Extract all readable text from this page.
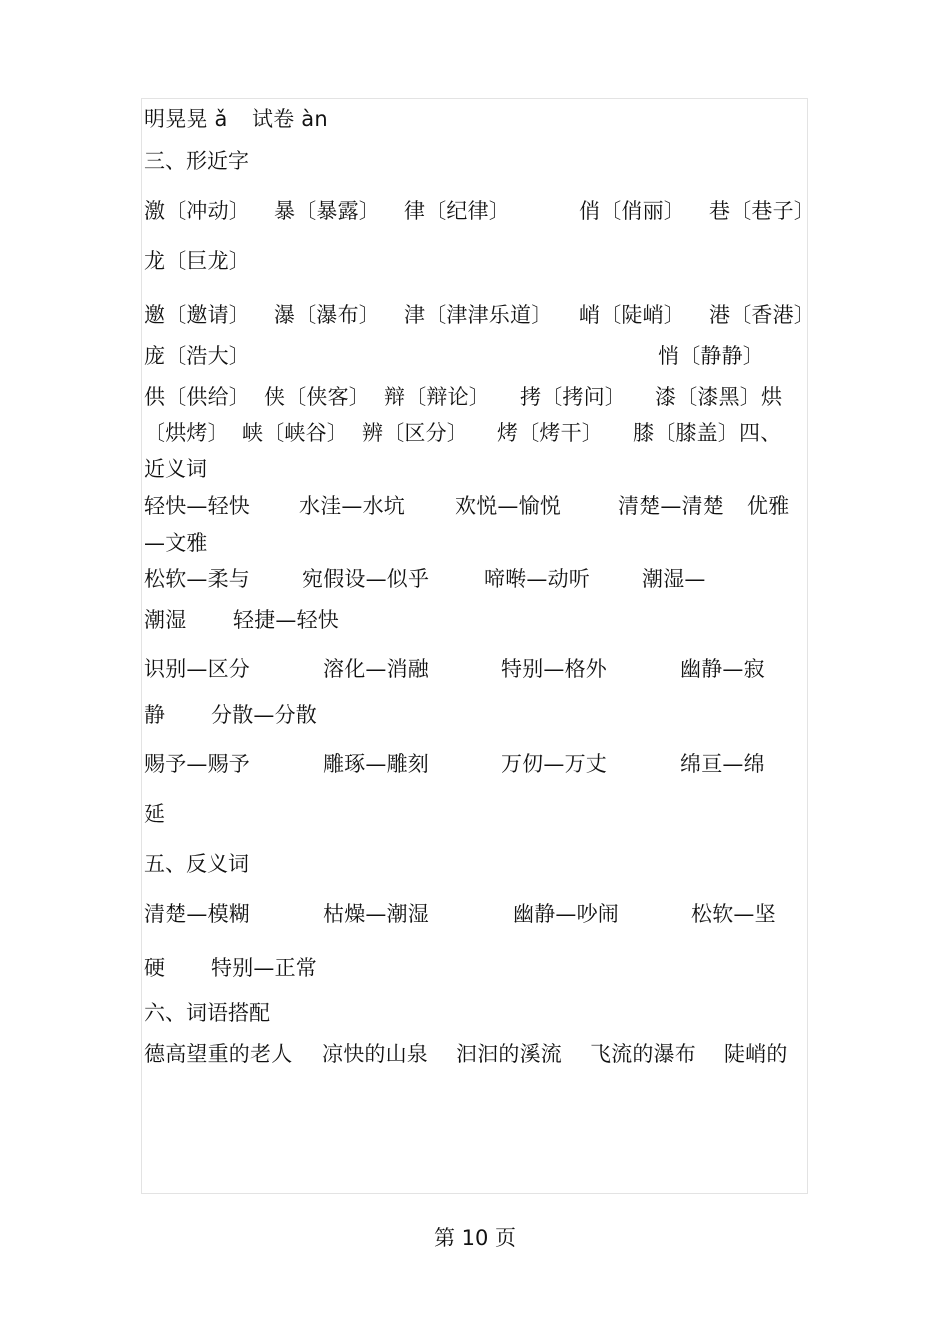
明晃晃 ǎ 试卷 àn
三、形近字
激〔冲动〕 暴〔暴露〕 律〔纪律〕	俏〔俏丽〕 巷〔巷子〕
龙〔巨龙〕
邀〔邀请〕 瀑〔瀑布〕 津〔津津乐道〕 峭〔陡峭〕 港〔香港〕
庞〔浩大〕	悄〔静静〕
供〔供给〕 侠〔侠客〕 辩〔辩论〕 拷〔拷问〕 漆〔漆黑〕烘
〔烘烤〕 峡〔峡谷〕 辨〔区分〕 烤〔烤干〕 膝〔膝盖〕四、
近义词
轻快—轻快 水洼—水坑 欢悦—愉悦	清楚—清楚 优雅
—文雅
松软—柔与 宛假设—似乎	啼啭—动听 潮湿—
潮湿 轻捷—轻快
识别—区分	溶化—消融	特别—格外	幽静—寂
静 分散—分散
赐予—赐予	雕琢—雕刻	万仞—万丈	绵亘—绵
延
五、反义词
清楚—模糊	枯燥—潮湿	幽静—吵闹	松软—坚
硬 特别—正常
六、词语搭配
德高望重的老人 凉快的山泉 汩汩的溪流 飞流的瀑布 陡峭的
第 10 页
